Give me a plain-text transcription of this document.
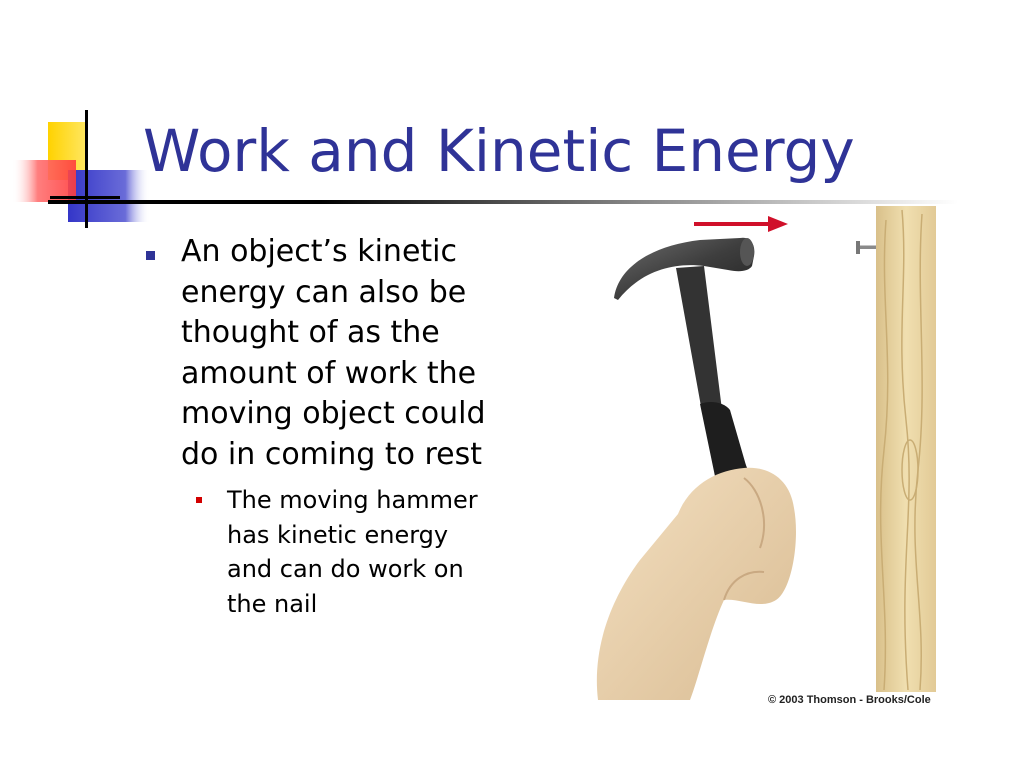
Work and Kinetic Energy
An object’s kinetic
energy can also be
thought of as the
amount of work the
moving object could
do in coming to rest
The moving hammer
has kinetic energy
and can do work on
the nail
© 2003 Thomson - Brooks/Cole
